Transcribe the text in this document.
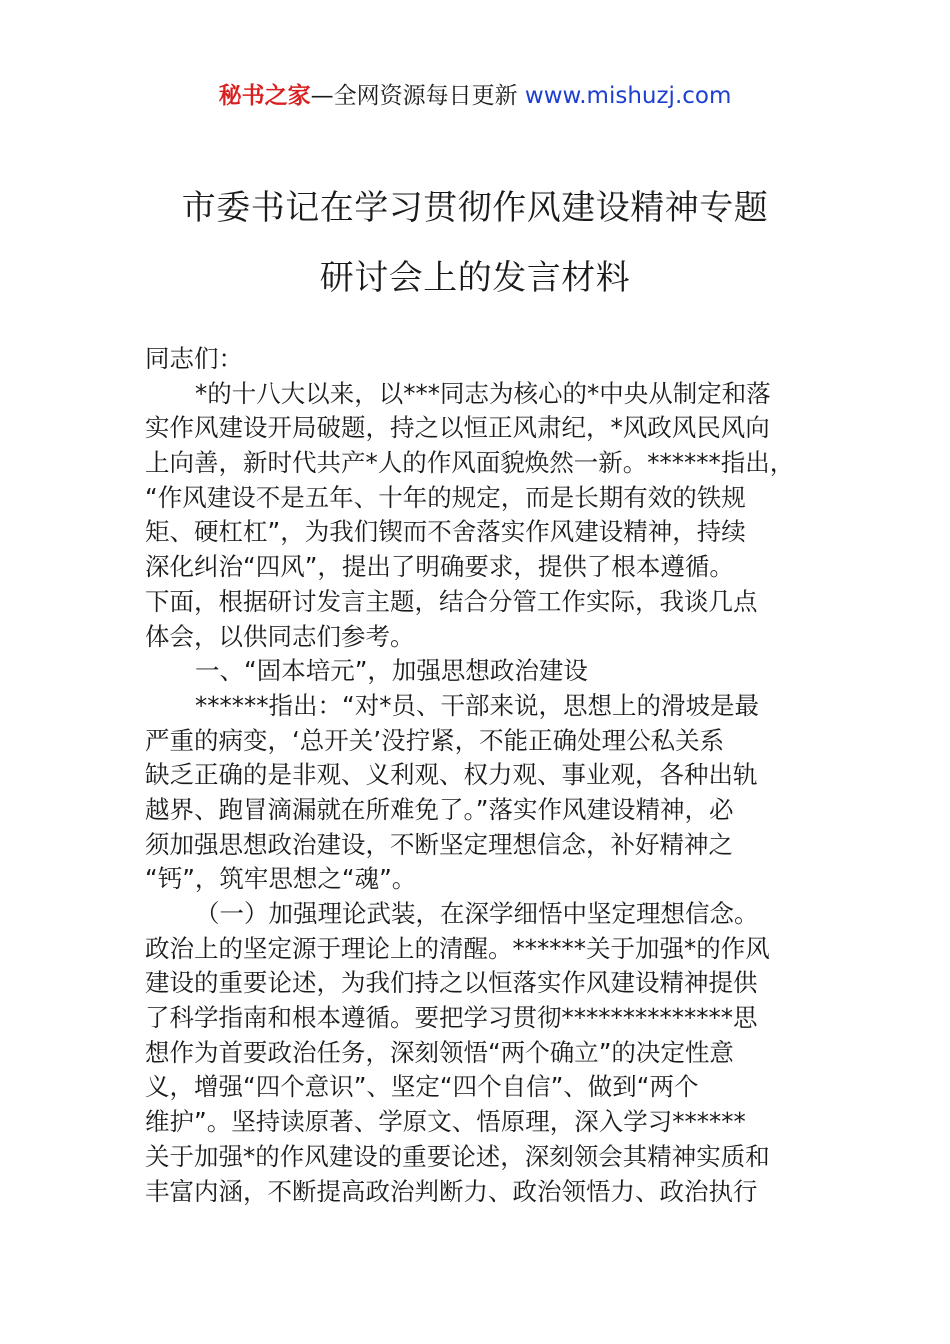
秘书之家—全网资源每日更新 www.mishuzj.com
市委书记在学习贯彻作风建设精神专题
研讨会上的发言材料
同志们：
*的十八大以来，以***同志为核心的*中央从制定和落
实作风建设开局破题，持之以恒正风肃纪，*风政风民风向
上向善，新时代共产*人的作风面貌焕然一新。******指出，
“作风建设不是五年、十年的规定，而是长期有效的铁规
矩、硬杠杠”，为我们锲而不舍落实作风建设精神，持续
深化纠治“四风”，提出了明确要求，提供了根本遵循。
下面，根据研讨发言主题，结合分管工作实际，我谈几点
体会，以供同志们参考。
一、“固本培元”，加强思想政治建设
******指出：“对*员、干部来说，思想上的滑坡是最
严重的病变，‘总开关’没拧紧，不能正确处理公私关系
缺乏正确的是非观、义利观、权力观、事业观，各种出轨
越界、跑冒滴漏就在所难免了。”落实作风建设精神，必
须加强思想政治建设，不断坚定理想信念，补好精神之
“钙”，筑牢思想之“魂”。
（一）加强理论武装，在深学细悟中坚定理想信念。
政治上的坚定源于理论上的清醒。******关于加强*的作风
建设的重要论述，为我们持之以恒落实作风建设精神提供
了科学指南和根本遵循。要把学习贯彻**************思
想作为首要政治任务，深刻领悟“两个确立”的决定性意
义，增强“四个意识”、坚定“四个自信”、做到“两个
维护”。坚持读原著、学原文、悟原理，深入学习******
关于加强*的作风建设的重要论述，深刻领会其精神实质和
丰富内涵，不断提高政治判断力、政治领悟力、政治执行
